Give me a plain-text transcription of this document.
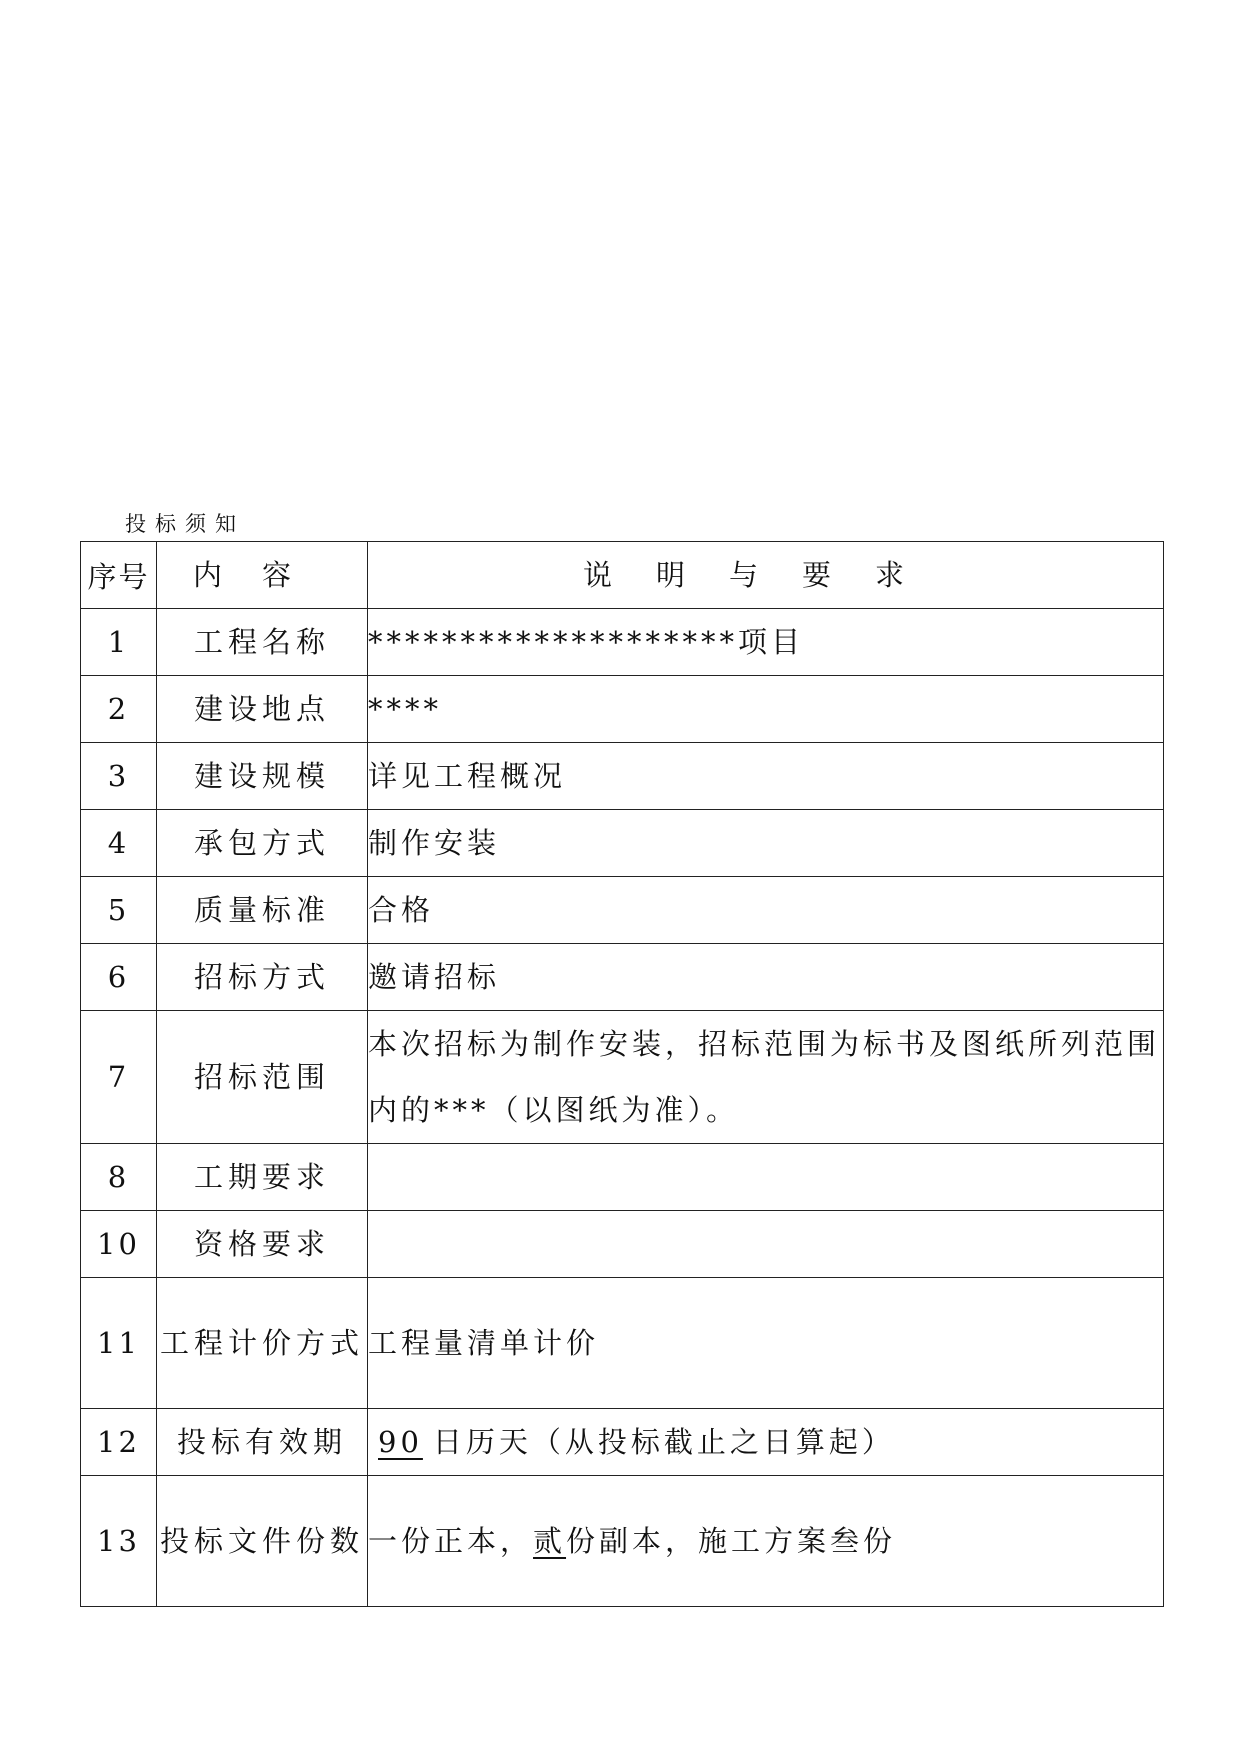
投标须知
序号	内容	说明与要求
1	工程名称	********************项目
2	建设地点	****
3	建设规模	详见工程概况
4	承包方式	制作安装
5	质量标准	合格
6	招标方式	邀请招标
7	招标范围	本次招标为制作安装，招标范围为标书及图纸所列范围内的***（以图纸为准）。
8	工期要求	
10	资格要求	
11	工程计价方式	工程量清单计价
12	投标有效期	90 日历天（从投标截止之日算起）
13	投标文件份数	一份正本，贰份副本，施工方案叁份
